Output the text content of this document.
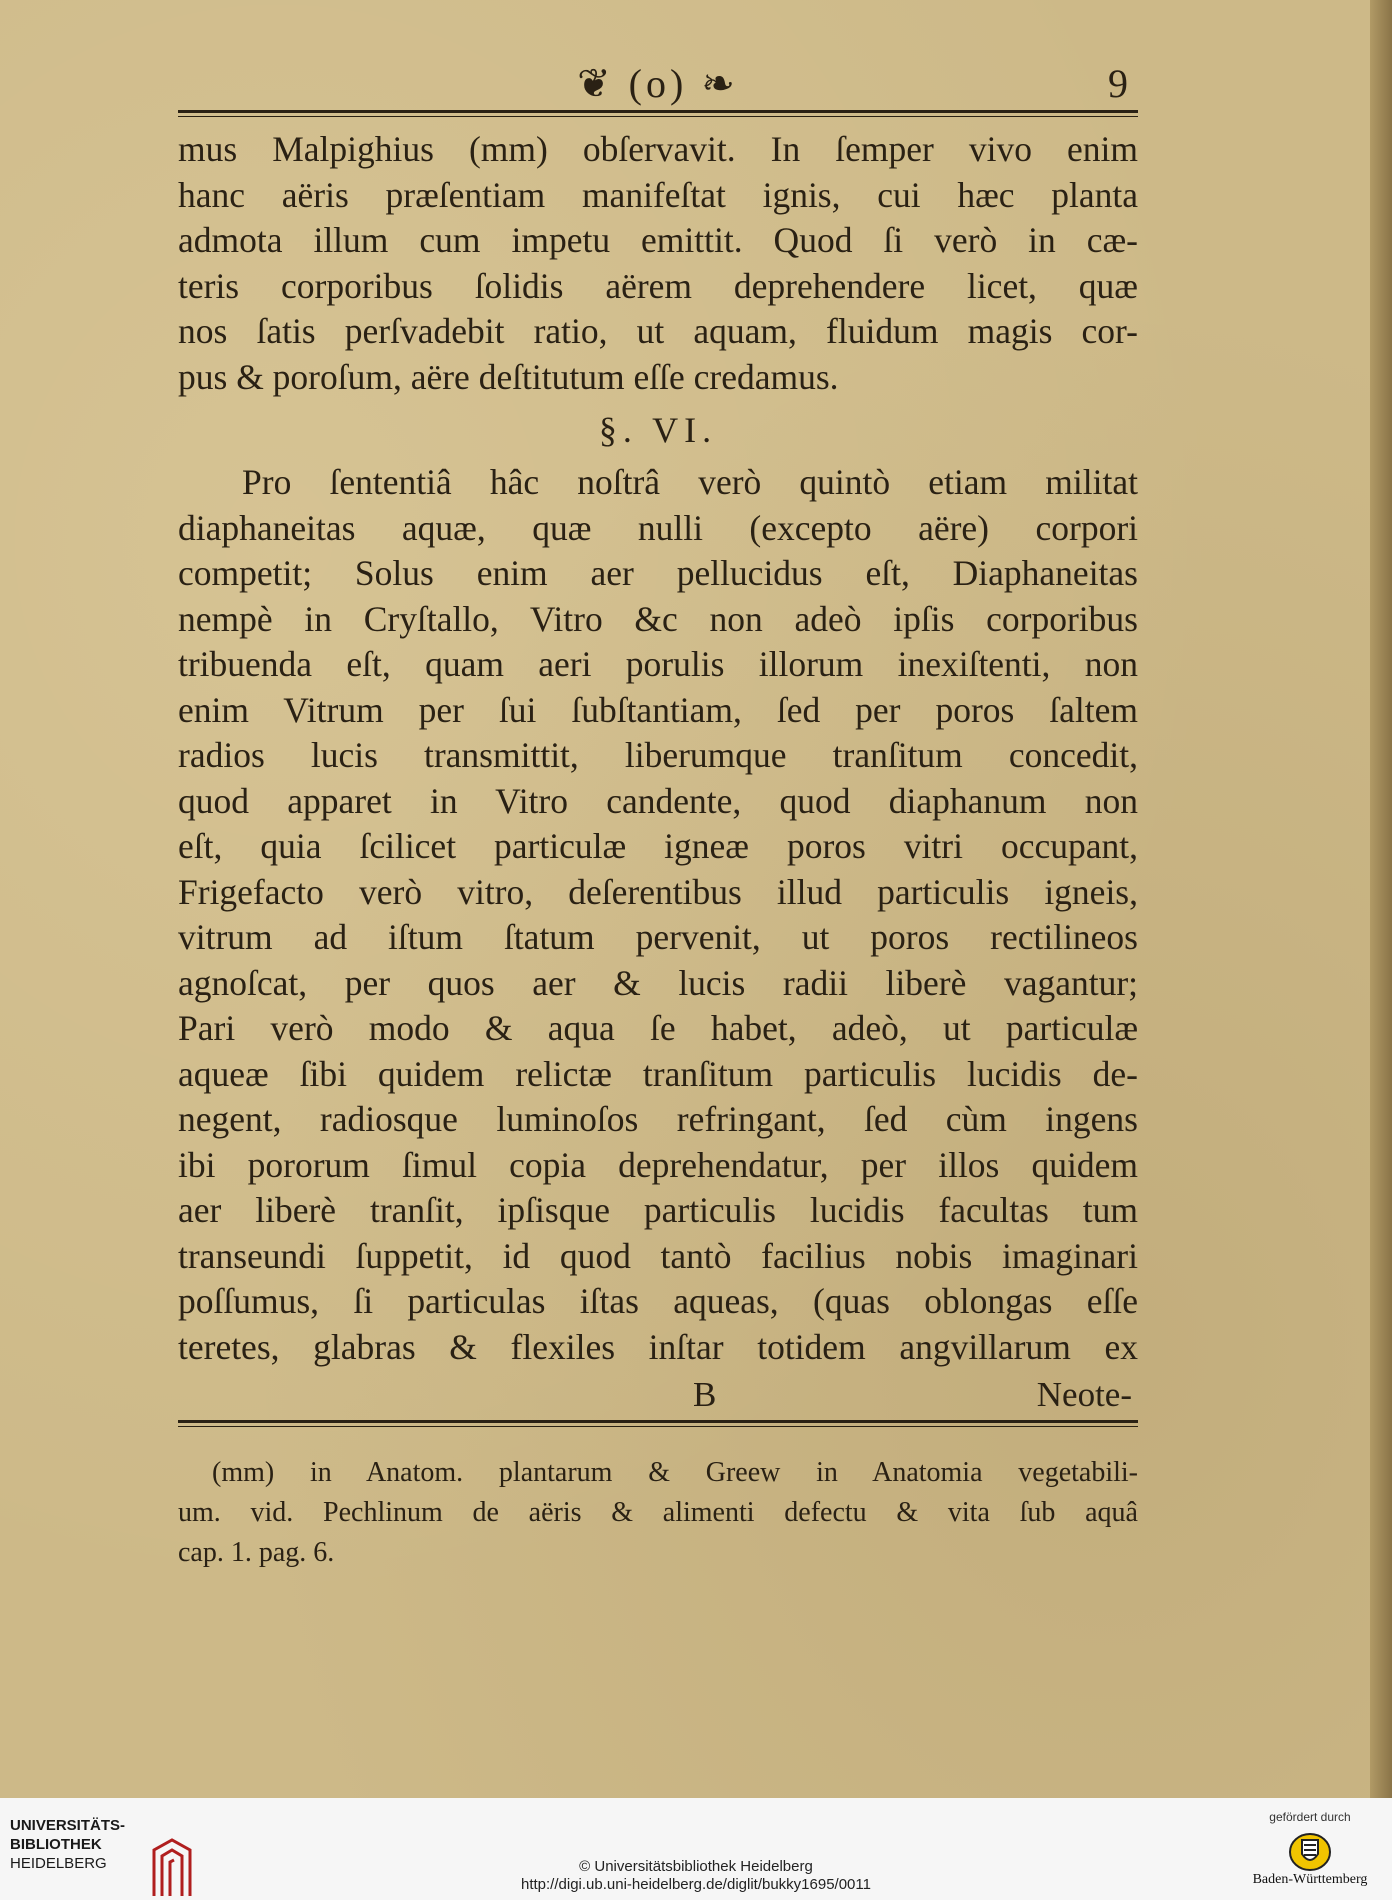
❦ (o) ❧	9
mus Malpighius (mm) obſervavit. In ſemper vivo enim
hanc aëris præſentiam manifeſtat ignis, cui hæc planta
admota illum cum impetu emittit. Quod ſi verò in cæ-
teris corporibus ſolidis aërem deprehendere licet, quæ
nos ſatis perſvadebit ratio, ut aquam, fluidum magis cor-
pus & poroſum, aëre deſtitutum eſſe credamus.
§. VI.
Pro ſententiâ hâc noſtrâ verò quintò etiam militat
diaphaneitas aquæ, quæ nulli (excepto aëre) corpori
competit; Solus enim aer pellucidus eſt, Diaphaneitas
nempè in Cryſtallo, Vitro &c non adeò ipſis corporibus
tribuenda eſt, quam aeri porulis illorum inexiſtenti, non
enim Vitrum per ſui ſubſtantiam, ſed per poros ſaltem
radios lucis transmittit, liberumque tranſitum concedit,
quod apparet in Vitro candente, quod diaphanum non
eſt, quia ſcilicet particulæ igneæ poros vitri occupant,
Frigefacto verò vitro, deſerentibus illud particulis igneis,
vitrum ad iſtum ſtatum pervenit, ut poros rectilineos
agnoſcat, per quos aer & lucis radii liberè vagantur;
Pari verò modo & aqua ſe habet, adeò, ut particulæ
aqueæ ſibi quidem relictæ tranſitum particulis lucidis de-
negent, radiosque luminoſos refringant, ſed cùm ingens
ibi pororum ſimul copia deprehendatur, per illos quidem
aer liberè tranſit, ipſisque particulis lucidis facultas tum
transeundi ſuppetit, id quod tantò facilius nobis imaginari
poſſumus, ſi particulas iſtas aqueas, (quas oblongas eſſe
teretes, glabras & flexiles inſtar totidem angvillarum ex
B	Neote-
(mm) in Anatom. plantarum & Greew in Anatomia vegetabili-
um. vid. Pechlinum de aëris & alimenti defectu & vita ſub aquâ
cap. 1. pag. 6.
UNIVERSITÄTS-
BIBLIOTHEK
HEIDELBERG	© Universitätsbibliothek Heidelberg
http://digi.ub.uni-heidelberg.de/diglit/bukky1695/0011
gefördert durch
Baden-Württemberg
